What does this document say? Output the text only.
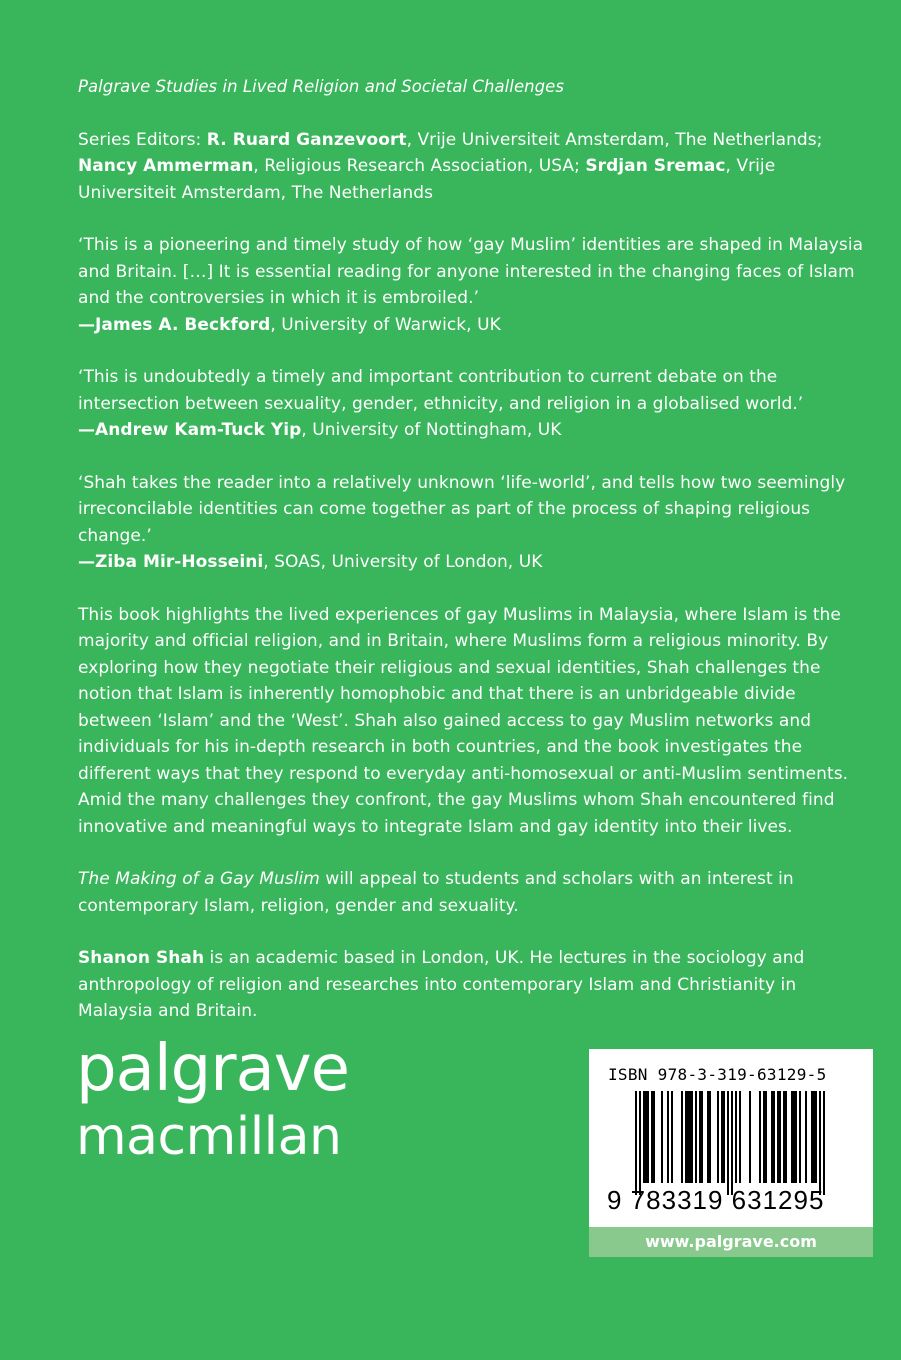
Palgrave Studies in Lived Religion and Societal Challenges

Series Editors: R. Ruard Ganzevoort, Vrije Universiteit Amsterdam, The Netherlands; Nancy Ammerman, Religious Research Association, USA; Srdjan Sremac, Vrije Universiteit Amsterdam, The Netherlands

‘This is a pioneering and timely study of how ‘gay Muslim’ identities are shaped in Malaysia and Britain. […] It is essential reading for anyone interested in the changing faces of Islam and the controversies in which it is embroiled.’
—James A. Beckford, University of Warwick, UK
‘This is undoubtedly a timely and important contribution to current debate on the intersection between sexuality, gender, ethnicity, and religion in a globalised world.’
—Andrew Kam-Tuck Yip, University of Nottingham, UK
‘Shah takes the reader into a relatively unknown ‘life-world’, and tells how two seemingly irreconcilable identities can come together as part of the process of shaping religious change.’
—Ziba Mir-Hosseini, SOAS, University of London, UK

This book highlights the lived experiences of gay Muslims in Malaysia, where Islam is the majority and official religion, and in Britain, where Muslims form a religious minority. By exploring how they negotiate their religious and sexual identities, Shah challenges the notion that Islam is inherently homophobic and that there is an unbridgeable divide between ‘Islam’ and the ‘West’. Shah also gained access to gay Muslim networks and individuals for his in-depth research in both countries, and the book investigates the different ways that they respond to everyday anti-homosexual or anti-Muslim sentiments. Amid the many challenges they confront, the gay Muslims whom Shah encountered find innovative and meaningful ways to integrate Islam and gay identity into their lives.

The Making of a Gay Muslim will appeal to students and scholars with an interest in contemporary Islam, religion, gender and sexuality.

Shanon Shah is an academic based in London, UK. He lectures in the sociology and anthropology of religion and researches into contemporary Islam and Christianity in Malaysia and Britain.

palgrave
macmillan
ISBN 978-3-319-63129-5
9 783319 631295
www.palgrave.com
